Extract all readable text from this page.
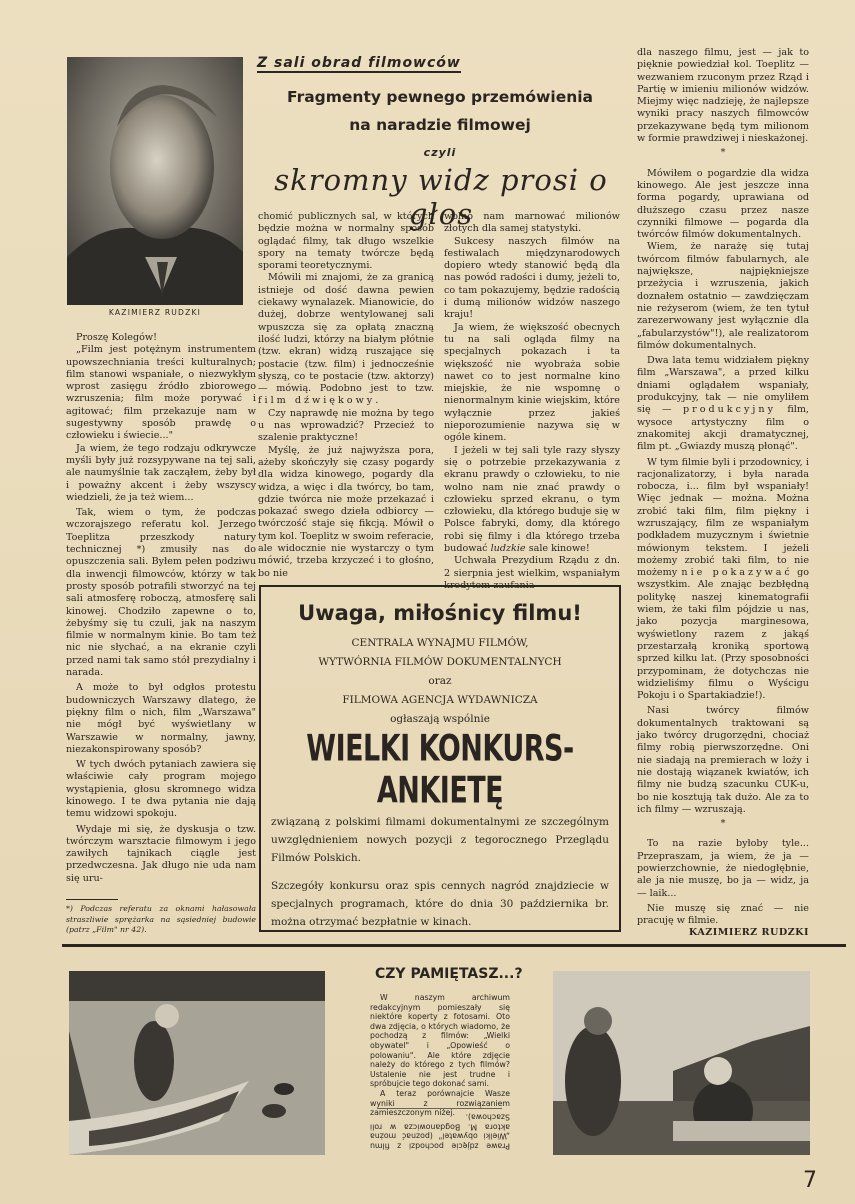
KAZIMIERZ RUDZKI
Z sali obrad filmowców
Fragmenty pewnego przemówienia
na naradzie filmowej
czyli
skromny widz prosi o głos

Proszę Kolegów!

„Film jest potężnym instrumentem upowszechniania treści kulturalnych; film stanowi wspaniałe, o niezwykłym wprost zasięgu źródło zbiorowego wzruszenia; film może porywać i agitować; film przekazuje nam w sugestywny sposób prawdę o człowieku i świecie..."

Ja wiem, że tego rodzaju odkrywcze myśli były już rozsypywane na tej sali, ale naumyślnie tak zacząłem, żeby był i poważny akcent i żeby wszyscy wiedzieli, że ja też wiem...

Tak, wiem o tym, że podczas wczorajszego referatu kol. Jerzego Toeplitza przeszkody natury technicznej *) zmusiły nas do opuszczenia sali. Byłem pełen podziwu dla inwencji filmowców, którzy w tak prosty sposób potrafili stworzyć na tej sali atmosferę roboczą, atmosferę sali kinowej. Chodziło zapewne o to, żebyśmy się tu czuli, jak na naszym filmie w normalnym kinie. Bo tam też nic nie słychać, a na ekranie czyli przed nami tak samo stół prezydialny i narada.

A może to był odgłos protestu budowniczych Warszawy dlatego, że piękny film o nich, film „Warszawa" nie mógł być wyświetlany w Warszawie w normalny, jawny, niezakonspirowany sposób?

W tych dwóch pytaniach zawiera się właściwie cały program mojego wystąpienia, głosu skromnego widza kinowego. I te dwa pytania nie dają temu widzowi spokoju.

Wydaje mi się, że dyskusja o tzw. twórczym warsztacie filmowym i jego zawiłych tajnikach ciągle jest przedwczesna. Jak długo nie uda nam się uru-

*) Podczas referatu za oknami hałasowała straszliwie sprężarka na sąsiedniej budowie (patrz „Film" nr 42).

chomić publicznych sal, w których będzie można w normalny sposób oglądać filmy, tak długo wszelkie spory na tematy twórcze będą sporami teoretycznymi.

Mówili mi znajomi, że za granicą istnieje od dość dawna pewien ciekawy wynalazek. Mianowicie, do dużej, dobrze wentylowanej sali wpuszcza się za opłatą znaczną ilość ludzi, którzy na białym płótnie (tzw. ekran) widzą ruszające się postacie (tzw. film) i jednocześnie słyszą, co te postacie (tzw. aktorzy) — mówią. Podobno jest to tzw. film dźwiękowy.

Czy naprawdę nie można by tego u nas wprowadzić? Przecież to szalenie praktyczne!

Myślę, że już najwyższa pora, ażeby skończyły się czasy pogardy dla widza kinowego, pogardy dla widza, a więc i dla twórcy, bo tam, gdzie twórca nie może przekazać i pokazać swego dzieła odbiorcy — twórczość staje się fikcją. Mówił o tym kol. Toeplitz w swoim referacie, ale widocznie nie wystarczy o tym mówić, trzeba krzyczeć i to głośno, bo nie

wolno nam marnować milionów złotych dla samej statystyki.

Sukcesy naszych filmów na festiwalach międzynarodowych dopiero wtedy stanowić będą dla nas powód radości i dumy, jeżeli to, co tam pokazujemy, będzie radością i dumą milionów widzów naszego kraju!

Ja wiem, że większość obecnych tu na sali ogląda filmy na specjalnych pokazach i ta większość nie wyobraża sobie nawet co to jest normalne kino miejskie, że nie wspomnę o nienormalnym kinie wiejskim, które wyłącznie przez jakieś nieporozumienie nazywa się w ogóle kinem.

I jeżeli w tej sali tyle razy słyszy się o potrzebie przekazywania z ekranu prawdy o człowieku, to nie wolno nam nie znać prawdy o człowieku sprzed ekranu, o tym człowieku, dla którego buduje się w Polsce fabryki, domy, dla którego robi się filmy i dla którego trzeba budować ludzkie sale kinowe!

Uchwała Prezydium Rządu z dn. 2 sierpnia jest wielkim, wspaniałym kredytem zaufania

dla naszego filmu, jest — jak to pięknie powiedział kol. Toeplitz — wezwaniem rzuconym przez Rząd i Partię w imieniu milionów widzów. Miejmy więc nadzieję, że najlepsze wyniki pracy naszych filmowców przekazywane będą tym milionom w formie prawdziwej i nieskażonej.

*

Mówiłem o pogardzie dla widza kinowego. Ale jest jeszcze inna forma pogardy, uprawiana od dłuższego czasu przez nasze czynniki filmowe — pogarda dla twórców filmów dokumentalnych.

Wiem, że narażę się tutaj twórcom filmów fabularnych, ale największe, najpiękniejsze przeżycia i wzruszenia, jakich doznałem ostatnio — zawdzięczam nie reżyserom (wiem, że ten tytuł zarezerwowany jest wyłącznie dla „fabularzystów"!), ale realizatorom filmów dokumentalnych.

Dwa lata temu widziałem piękny film „Warszawa", a przed kilku dniami oglądałem wspaniały, produkcyjny, tak — nie omyliłem się — produkcyjny film, wysoce artystyczny film o znakomitej akcji dramatycznej, film pt. „Gwiazdy muszą płonąć".

W tym filmie byli i przodownicy, i racjonalizatorzy, i była narada robocza, i... film był wspaniały! Więc jednak — można. Można zrobić taki film, film piękny i wzruszający, film ze wspaniałym podkładem muzycznym i świetnie mówionym tekstem. I jeżeli możemy zrobić taki film, to nie możemy nie pokazywać go wszystkim. Ale znając bezbłędną politykę naszej kinematografii wiem, że taki film pójdzie u nas, jako pozycja marginesowa, wyświetlony razem z jakąś przestarzałą kroniką sportową sprzed kilku lat. (Przy sposobności przypominam, że dotychczas nie widzieliśmy filmu o Wyścigu Pokoju i o Spartakiadzie!).

Nasi twórcy filmów dokumentalnych traktowani są jako twórcy drugorzędni, chociaż filmy robią pierwszorzędne. Oni nie siadają na premierach w loży i nie dostają wiązanek kwiatów, ich filmy nie budzą szacunku CUK-u, bo nie kosztują tak dużo. Ale za to ich filmy — wzruszają.

*

To na razie byłoby tyle... Przepraszam, ja wiem, że ja — powierzchownie, że niedogłębnie, ale ja nie muszę, bo ja — widz, ja — laik...

Nie muszę się znać — nie pracuję w filmie.

KAZIMIERZ RUDZKI

Uwaga, miłośnicy filmu!
CENTRALA WYNAJMU FILMÓW,
WYTWÓRNIA FILMÓW DOKUMENTALNYCH
oraz
FILMOWA AGENCJA WYDAWNICZA
ogłaszają wspólnie
WIELKI KONKURS-ANKIETĘ
związaną z polskimi filmami dokumentalnymi ze szczególnym uwzględnieniem nowych pozycji z tegorocznego Przeglądu Filmów Polskich.
Szczegóły konkursu oraz spis cennych nagród znajdziecie w specjalnych programach, które do dnia 30 października br. można otrzymać bezpłatnie w kinach.
CZY PAMIĘTASZ...?

W naszym archiwum redakcyjnym pomieszały się niektóre koperty z fotosami. Oto dwa zdjęcia, o których wiadomo, że pochodzą z filmów: „Wielki obywatel" i „Opowieść o polowaniu". Ale które zdjęcie należy do którego z tych filmów? Ustalenie nie jest trudne i spróbujcie tego dokonać sami.

A teraz porównajcie Wasze wyniki z rozwiązaniem zamieszczonym niżej.

Prawe zdjęcie pochodzi z filmu „Wielki obywatel" (poznać można aktora M. Bogdanowicza w roli Szachowa).
7
